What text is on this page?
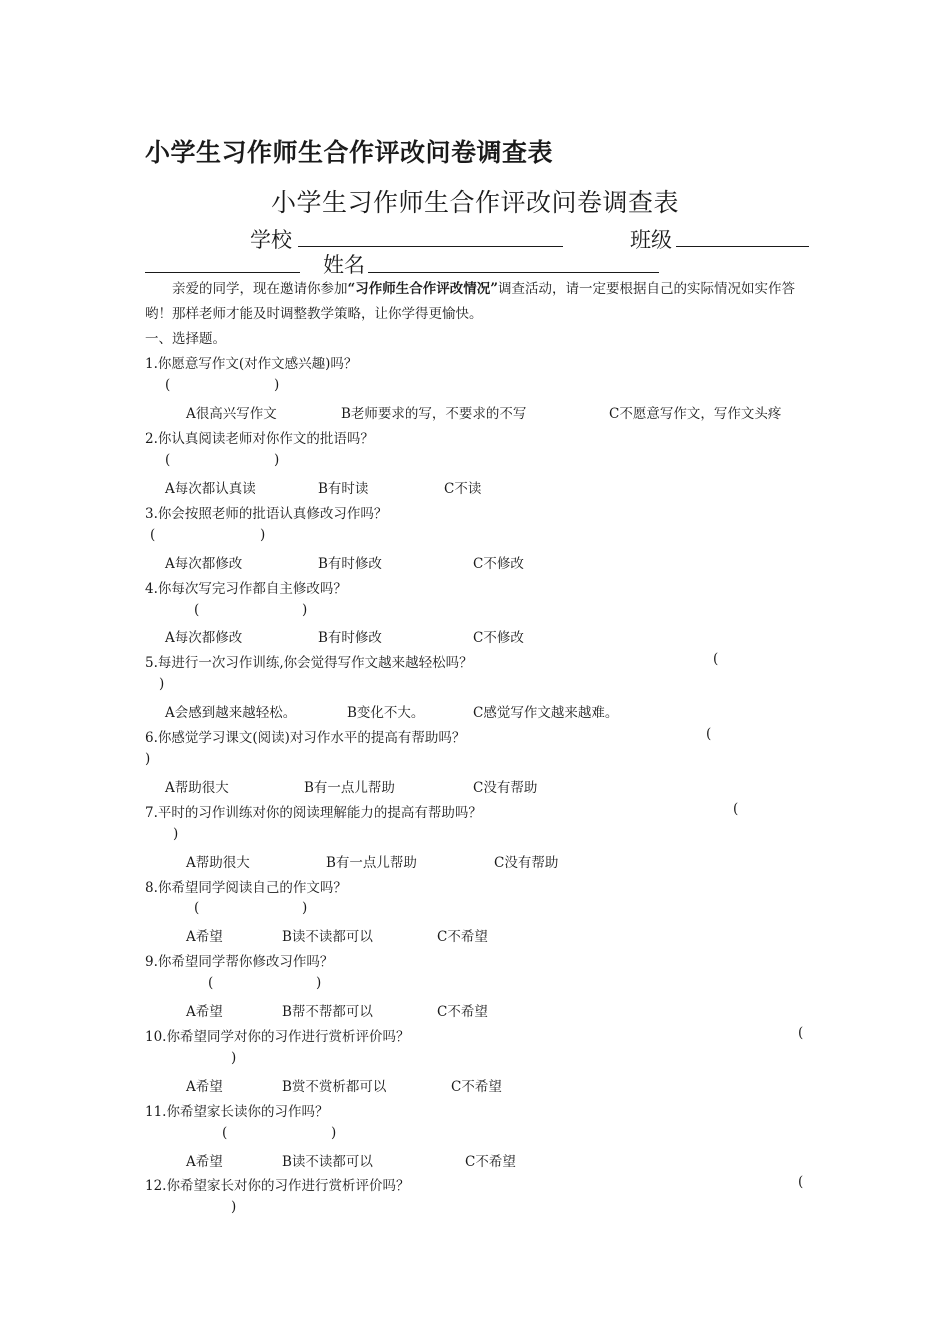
小学生习作师生合作评改问卷调查表
小学生习作师生合作评改问卷调查表
学校	班级
姓名
亲爱的同学，现在邀请你参加“习作师生合作评改情况”调查活动，请一定要根据自己的实际情况如实作答哟！那样老师才能及时调整教学策略，让你学得更愉快。
一、选择题。
1.你愿意写作文(对作文感兴趣)吗？
(	)
A很高兴写作文	B老师要求的写，不要求的不写	C不愿意写作文，写作文头疼
2.你认真阅读老师对你作文的批语吗？
(	)
A每次都认真读	B有时读	C不读
3.你会按照老师的批语认真修改习作吗？
(	)
A每次都修改	B有时修改	C不修改
4.你每次写完习作都自主修改吗？
(	)
A每次都修改	B有时修改	C不修改
5.每进行一次习作训练,你会觉得写作文越来越轻松吗？	(
)
A会感到越来越轻松。	B变化不大。	C感觉写作文越来越难。
6.你感觉学习课文(阅读)对习作水平的提高有帮助吗？	(
)
A帮助很大	B有一点儿帮助	C没有帮助
7.平时的习作训练对你的阅读理解能力的提高有帮助吗？	(
)
A帮助很大	B有一点儿帮助	C没有帮助
8.你希望同学阅读自己的作文吗？
(	)
A希望	B读不读都可以	C不希望
9.你希望同学帮你修改习作吗？
(	)
A希望	B帮不帮都可以	C不希望
10.你希望同学对你的习作进行赏析评价吗？	(
)
A希望	B赏不赏析都可以	C不希望
11.你希望家长读你的习作吗？
(	)
A希望	B读不读都可以	C不希望
12.你希望家长对你的习作进行赏析评价吗？	(
)
